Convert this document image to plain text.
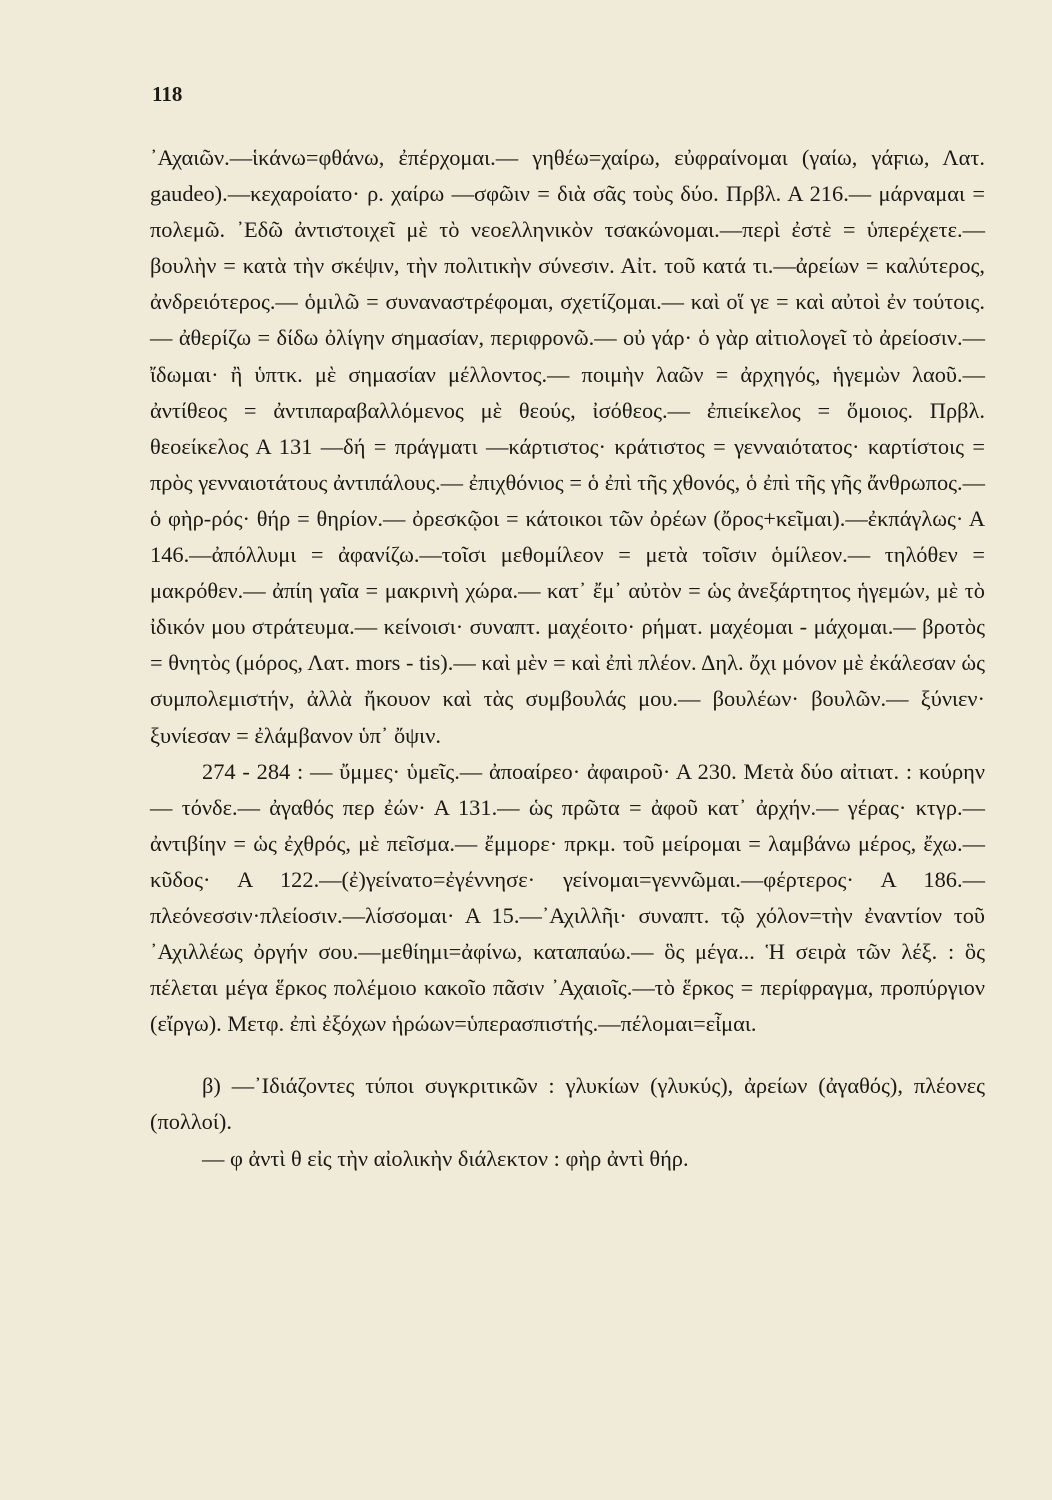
118

᾽Αχαιῶν.—ἱκάνω=φθάνω, ἐπέρχομαι.— γηθέω=χαίρω, εὐφραίνομαι (γαίω, γάϝιω, Λατ. gaudeo).—κεχαροίατο· ρ. χαίρω —σφῶιν = διὰ σᾶς τοὺς δύο. Πρβλ. Α 216.— μάρναμαι = πολεμῶ. ᾽Εδῶ ἀντιστοιχεῖ μὲ τὸ νεοελληνικὸν τσακώνομαι.—περὶ ἐστὲ = ὑπερέχετε.—βουλὴν = κατὰ τὴν σκέψιν, τὴν πολιτικὴν σύνεσιν. Αἰτ. τοῦ κατά τι.—ἀρείων = καλύτερος, ἀνδρειότερος.— ὁμιλῶ = συναναστρέφομαι, σχετίζομαι.— καὶ οἵ γε = καὶ αὐτοὶ ἐν τούτοις.— ἀθερίζω = δίδω ὀλίγην σημασίαν, περιφρονῶ.— οὐ γάρ· ὁ γὰρ αἰτιολογεῖ τὸ ἀρείοσιν.— ἴδωμαι· ἢ ὑπτκ. μὲ σημασίαν μέλλοντος.— ποιμὴν λαῶν = ἀρχηγός, ἡγεμὼν λαοῦ.— ἀντίθεος = ἀντιπαραβαλλόμενος μὲ θεούς, ἰσόθεος.— ἐπιείκελος = ὅμοιος. Πρβλ. θεοείκελος Α 131 —δή = πράγματι —κάρτιστος· κράτιστος = γενναιότατος· καρτίστοις = πρὸς γενναιοτάτους ἀντιπάλους.— ἐπιχθόνιος = ὁ ἐπὶ τῆς χθονός, ὁ ἐπὶ τῆς γῆς ἄνθρωπος.— ὁ φὴρ-ρός· θήρ = θηρίον.— ὀρεσκῷοι = κάτοικοι τῶν ὀρέων (ὄρος+κεῖμαι).—ἐκπάγλως· Α 146.—ἀπόλλυμι = ἀφανίζω.—τοῖσι μεθομίλεον = μετὰ τοῖσιν ὁμίλεον.— τηλόθεν = μακρόθεν.— ἀπίη γαῖα = μακρινὴ χώρα.— κατ᾽ ἔμ᾽ αὐτὸν = ὡς ἀνεξάρτητος ἡγεμών, μὲ τὸ ἰδικόν μου στράτευμα.— κείνοισι· συναπτ. μαχέοιτο· ρήματ. μαχέομαι - μάχομαι.— βροτὸς = θνητὸς (μόρος, Λατ. mors - tis).— καὶ μὲν = καὶ ἐπὶ πλέον. Δηλ. ὄχι μόνον μὲ ἐκάλεσαν ὡς συμπολεμιστήν, ἀλλὰ ἤκουον καὶ τὰς συμβουλάς μου.— βουλέων· βουλῶν.— ξύνιεν· ξυνίεσαν = ἐλάμβανον ὑπ᾽ ὄψιν.

274 - 284 : — ὔμμες· ὑμεῖς.— ἀποαίρεο· ἀφαιροῦ· Α 230. Μετὰ δύο αἰτιατ. : κούρην — τόνδε.— ἀγαθός περ ἐών· Α 131.— ὡς πρῶτα = ἀφοῦ κατ᾽ ἀρχήν.— γέρας· κτγρ.— ἀντιβίην = ὡς ἐχθρός, μὲ πεῖσμα.— ἔμμορε· πρκμ. τοῦ μείρομαι = λαμβάνω μέρος, ἔχω.— κῦδος· Α 122.—(ἐ)γείνατο=ἐγέννησε· γείνομαι=γεννῶμαι.—φέρτερος· Α 186.—πλεόνεσσιν·πλείοσιν.—λίσσομαι· Α 15.—᾽Αχιλλῆι· συναπτ. τῷ χόλον=τὴν ἐναντίον τοῦ ᾽Αχιλλέως ὀργήν σου.—μεθίημι=ἀφίνω, καταπαύω.— ὃς μέγα... Ἡ σειρὰ τῶν λέξ. : ὃς πέλεται μέγα ἕρκος πολέμοιο κακοῖο πᾶσιν ᾽Αχαιοῖς.—τὸ ἕρκος = περίφραγμα, προπύργιον (εἴργω). Μετφ. ἐπὶ ἐξόχων ἡρώων=ὑπερασπιστής.—πέλομαι=εἶμαι.

β) —᾽Ιδιάζοντες τύποι συγκριτικῶν : γλυκίων (γλυκύς), ἀρείων (ἀγαθός), πλέονες (πολλοί).

— φ ἀντὶ θ εἰς τὴν αἰολικὴν διάλεκτον : φὴρ ἀντὶ θήρ.
